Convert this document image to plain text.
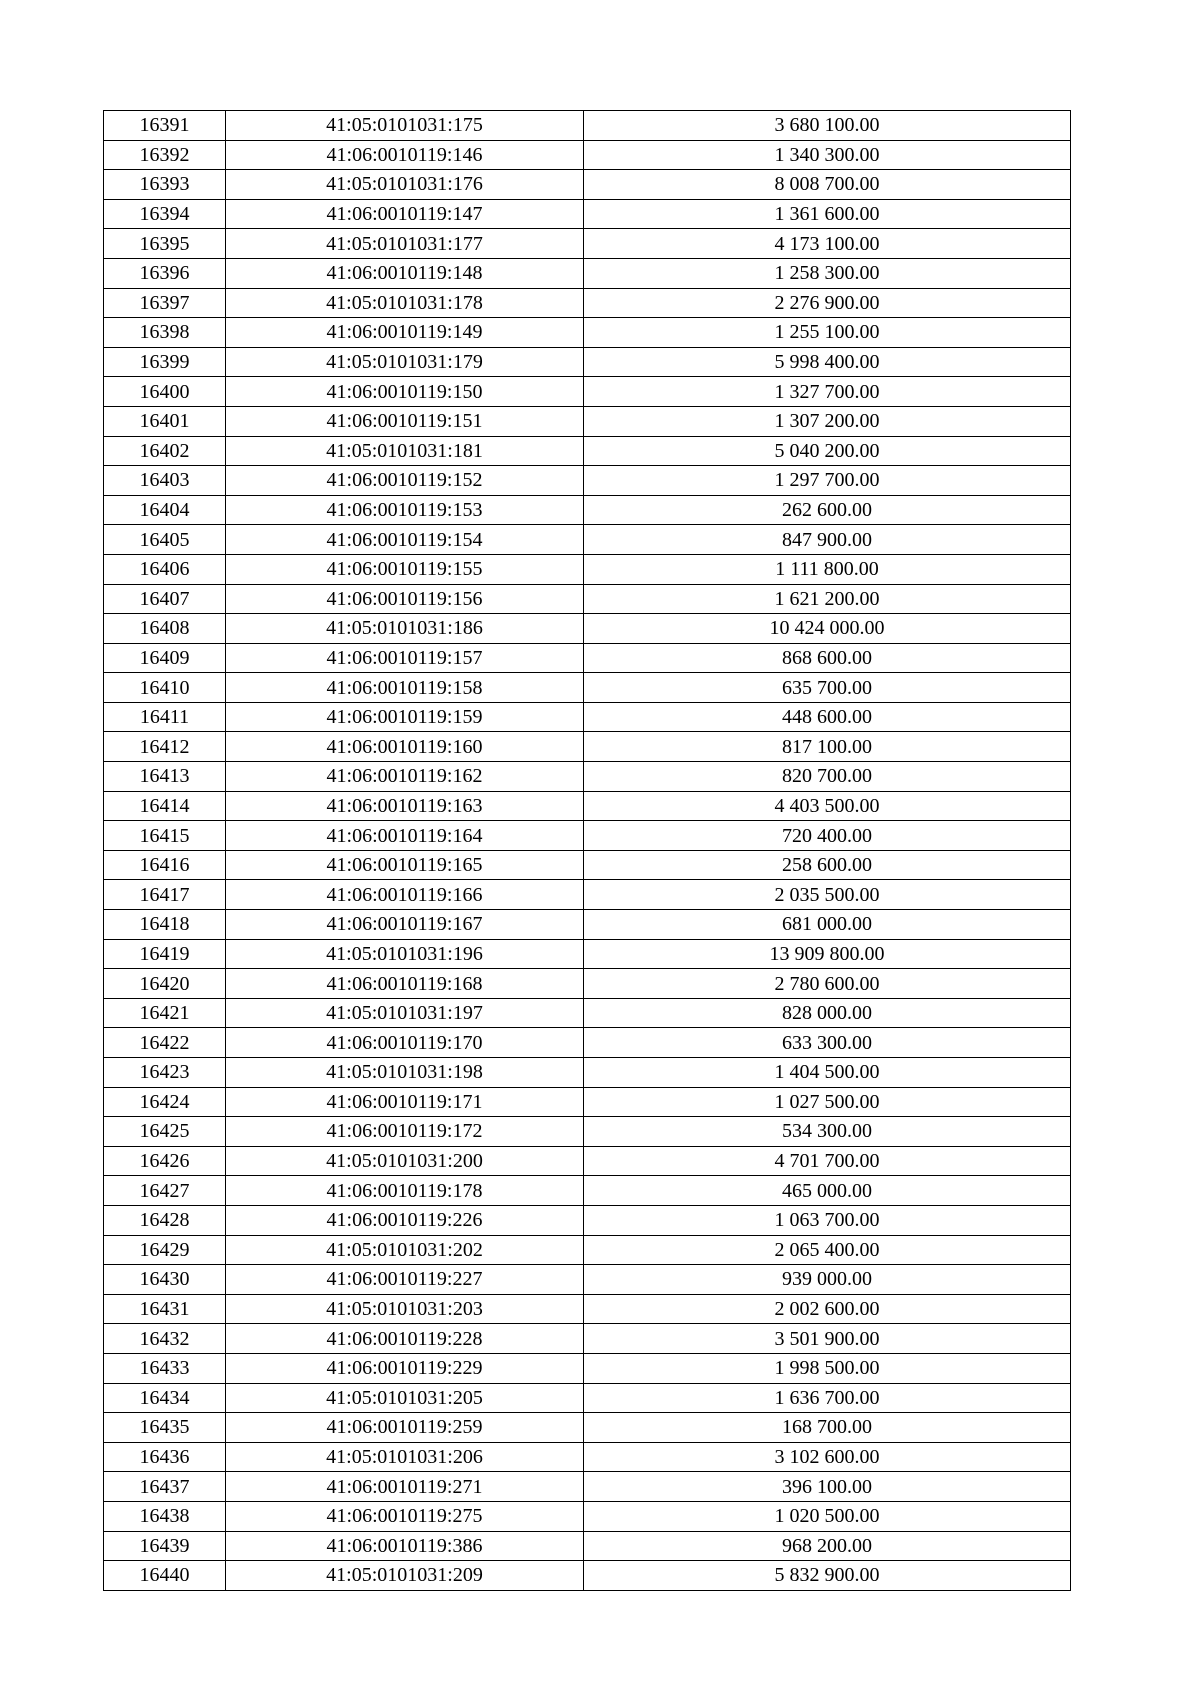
16391	41:05:0101031:175	3 680 100.00
16392	41:06:0010119:146	1 340 300.00
16393	41:05:0101031:176	8 008 700.00
16394	41:06:0010119:147	1 361 600.00
16395	41:05:0101031:177	4 173 100.00
16396	41:06:0010119:148	1 258 300.00
16397	41:05:0101031:178	2 276 900.00
16398	41:06:0010119:149	1 255 100.00
16399	41:05:0101031:179	5 998 400.00
16400	41:06:0010119:150	1 327 700.00
16401	41:06:0010119:151	1 307 200.00
16402	41:05:0101031:181	5 040 200.00
16403	41:06:0010119:152	1 297 700.00
16404	41:06:0010119:153	262 600.00
16405	41:06:0010119:154	847 900.00
16406	41:06:0010119:155	1 111 800.00
16407	41:06:0010119:156	1 621 200.00
16408	41:05:0101031:186	10 424 000.00
16409	41:06:0010119:157	868 600.00
16410	41:06:0010119:158	635 700.00
16411	41:06:0010119:159	448 600.00
16412	41:06:0010119:160	817 100.00
16413	41:06:0010119:162	820 700.00
16414	41:06:0010119:163	4 403 500.00
16415	41:06:0010119:164	720 400.00
16416	41:06:0010119:165	258 600.00
16417	41:06:0010119:166	2 035 500.00
16418	41:06:0010119:167	681 000.00
16419	41:05:0101031:196	13 909 800.00
16420	41:06:0010119:168	2 780 600.00
16421	41:05:0101031:197	828 000.00
16422	41:06:0010119:170	633 300.00
16423	41:05:0101031:198	1 404 500.00
16424	41:06:0010119:171	1 027 500.00
16425	41:06:0010119:172	534 300.00
16426	41:05:0101031:200	4 701 700.00
16427	41:06:0010119:178	465 000.00
16428	41:06:0010119:226	1 063 700.00
16429	41:05:0101031:202	2 065 400.00
16430	41:06:0010119:227	939 000.00
16431	41:05:0101031:203	2 002 600.00
16432	41:06:0010119:228	3 501 900.00
16433	41:06:0010119:229	1 998 500.00
16434	41:05:0101031:205	1 636 700.00
16435	41:06:0010119:259	168 700.00
16436	41:05:0101031:206	3 102 600.00
16437	41:06:0010119:271	396 100.00
16438	41:06:0010119:275	1 020 500.00
16439	41:06:0010119:386	968 200.00
16440	41:05:0101031:209	5 832 900.00
